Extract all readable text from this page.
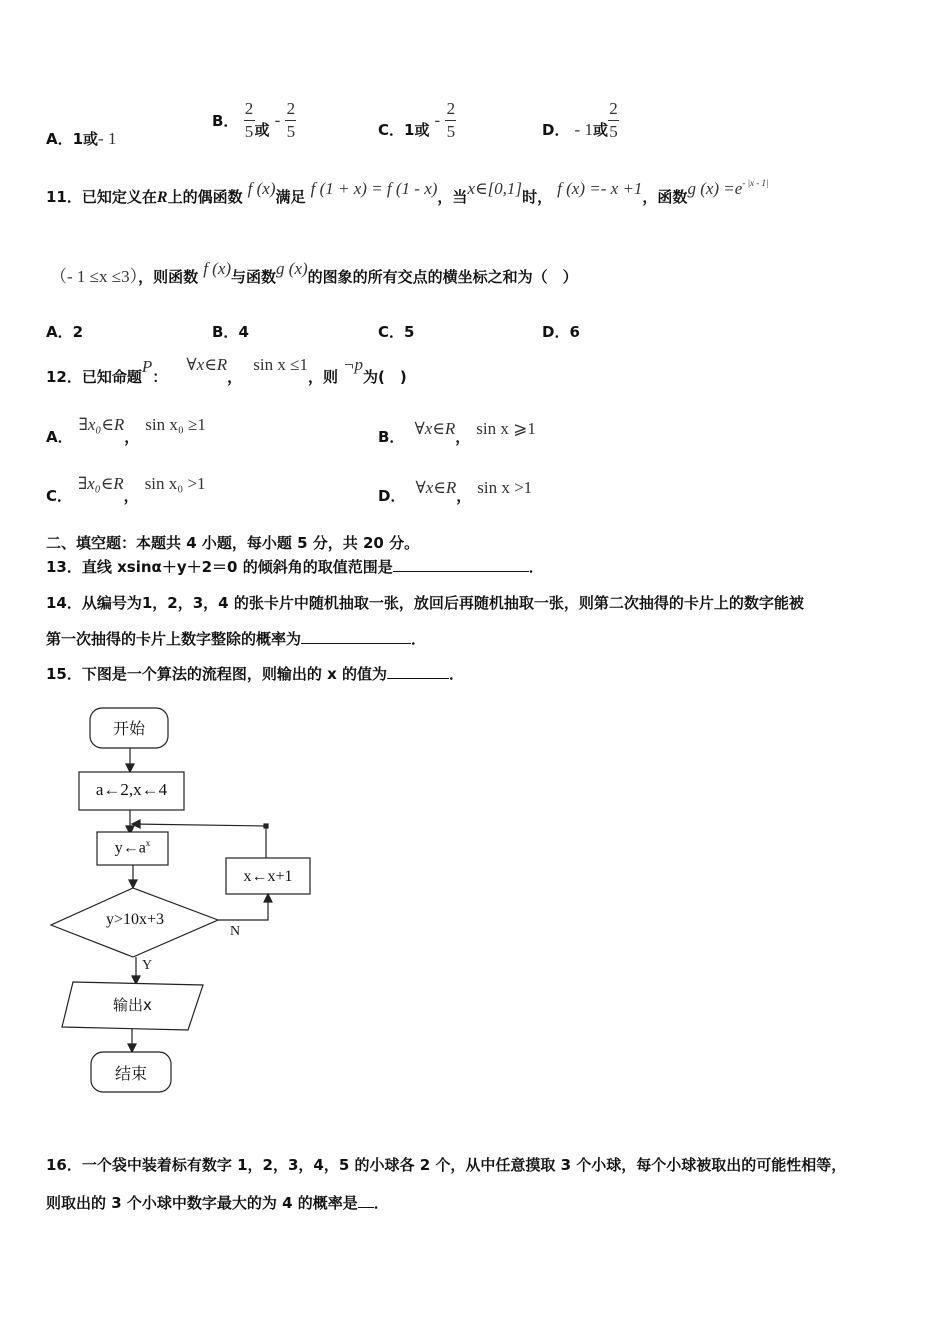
A．1或- 1
B． $\frac{2}{5}$ 或 - $\frac{2}{5}$	C．1或 - $\frac{2}{5}$	D． - 1或 $\frac{2}{5}$
11．已知定义在R上的偶函数 f (x)满足 f (1 + x) = f (1 - x)，当x∈[0,1]时， f (x) =- x +1，函数g $(x) =e^{- |x - 1|}$
（- 1 ≤x ≤3），则函数 f (x)与函数g (x)的图象的所有交点的横坐标之和为（　）
A．2	B．4	C．5	D．6
12．已知命题P： ∀x∈R， sin x ≤1，则 ¬p为(　)
A．∃x₀∈R，sin x₀ ≥1
B． ∀x∈R， sin x ⩾1
C．∃x₀∈R，sin x₀ >1
D． ∀x∈R， sin x >1
二、填空题：本题共 4 小题，每小题 5 分，共 20 分。
13．直线 xsinα＋y＋2＝0 的倾斜角的取值范围是	．
14．从编号为1，2，3，4 的张卡片中随机抽取一张，放回后再随机抽取一张，则第二次抽得的卡片上的数字能被
第一次抽得的卡片上数字整除的概率为	．
15．下图是一个算法的流程图，则输出的 x 的值为	．
开始
a←2,x←4
$y\leftarrow a^x$
x←x+1
y>10x+3
N
Y
输出x
结束
16．一个袋中装着标有数字 1，2，3，4，5 的小球各 2 个，从中任意摸取 3 个小球，每个小球被取出的可能性相等，
则取出的 3 个小球中数字最大的为 4 的概率是 ．
